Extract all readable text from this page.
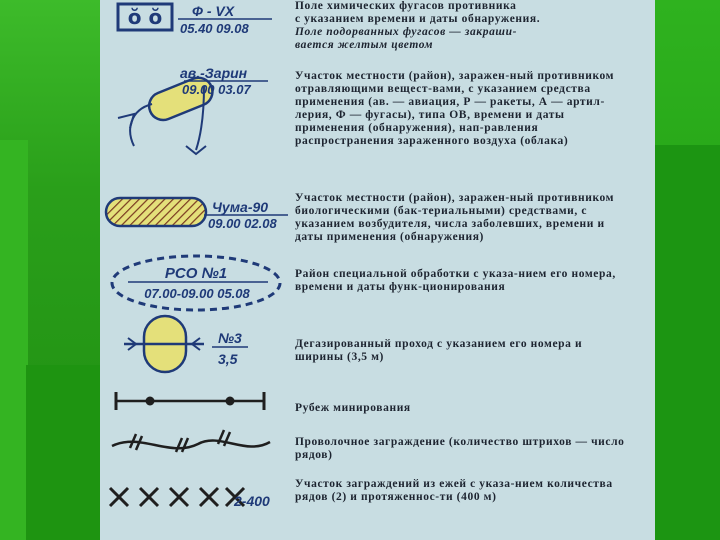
ŏ ŏ Ф - VX
05.40 09.08
ав.-Зарин
09.00 03.07
Чума-90
09.00 02.08
РСО №1
07.00-09.00 05.08
№3
3,5
2-400
Поле химических фугасов противника
с указанием времени и даты обнаружения.
Поле подорванных фугасов — закраши-
вается желтым цветом
Участок местности (район), заражен-ный противником отравляющими вещест-вами, с указанием средства применения (ав. — авиация, Р — ракеты, А — артил-лерия, Ф — фугасы), типа ОВ, времени и даты применения (обнаружения), нап-равления распространения зараженного воздуха (облака)
Участок местности (район), заражен-ный противником биологическими (бак-териальными) средствами, с указанием возбудителя, числа заболевших, времени и даты применения (обнаружения)
Район специальной обработки с указа-нием его номера, времени и даты функ-ционирования
Дегазированный проход с указанием его номера и ширины (3,5 м)
Рубеж минирования
Проволочное заграждение (количество штрихов — число рядов)
Участок заграждений из ежей с указа-нием количества рядов (2) и протяженнос-ти (400 м)
